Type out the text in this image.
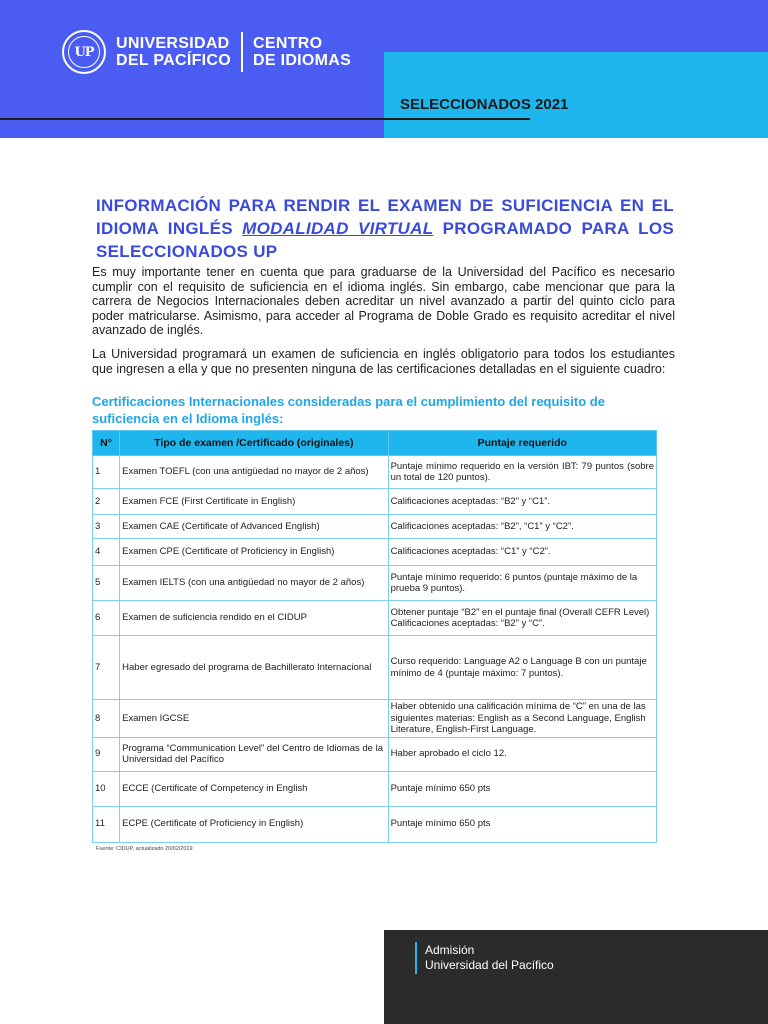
UP UNIVERSIDAD
DEL PACÍFICO
CENTRO
DE IDIOMAS
SELECCIONADOS 2021
INFORMACIÓN PARA RENDIR EL EXAMEN DE SUFICIENCIA EN EL IDIOMA INGLÉS MODALIDAD VIRTUAL PROGRAMADO PARA LOS SELECCIONADOS UP
Es muy importante tener en cuenta que para graduarse de la Universidad del Pacífico es necesario cumplir con el requisito de suficiencia en el idioma inglés. Sin embargo, cabe mencionar que para la carrera de Negocios Internacionales deben acreditar un nivel avanzado a partir del quinto ciclo para poder matricularse. Asimismo, para acceder al Programa de Doble Grado es requisito acreditar el nivel avanzado de inglés.
La Universidad programará un examen de suficiencia en inglés obligatorio para todos los estudiantes que ingresen a ella y que no presenten ninguna de las certificaciones detalladas en el siguiente cuadro:
Certificaciones Internacionales consideradas para el cumplimiento del requisito de suficiencia en el Idioma inglés:
N°	Tipo de examen /Certificado (originales)	Puntaje requerido
1	Examen TOEFL (con una antigüedad no mayor de 2 años)	Puntaje mínimo requerido en la versión IBT: 79 puntos (sobre un total de 120 puntos).
2	Examen FCE (First Certificate in English)	Calificaciones aceptadas: “B2” y “C1”.
3	Examen CAE (Certificate of Advanced English)	Calificaciones aceptadas: “B2”, “C1” y “C2”.
4	Examen CPE (Certificate of Proficiency in English)	Calificaciones aceptadas: “C1” y “C2”.
5	Examen IELTS (con una antigüedad no mayor de 2 años)	Puntaje mínimo requerido: 6 puntos (puntaje máximo de la prueba 9 puntos).
6	Examen de suficiencia rendido en el CIDUP	Obtener puntaje “B2” en el puntaje final (Overall CEFR Level) Calificaciones aceptadas: “B2” y “C”.
7	Haber egresado del programa de Bachillerato Internacional	Curso requerido: Language A2 o Language B con un puntaje mínimo de 4 (puntaje máximo: 7 puntos).
8	Examen IGCSE	Haber obtenido una calificación mínima de “C” en una de las siguientes materias: English as a Second Language, English Literature, English-First Language.
9	Programa “Communication Level” del Centro de Idiomas de la Universidad del Pacífico	Haber aprobado el ciclo 12.
10	ECCE (Certificate of Competency in English	Puntaje mínimo 650 pts
11	ECPE (Certificate of Proficiency in English)	Puntaje mínimo 650 pts
Fuente: CIDUP, actualizado 20/02/2019
Admisión
Universidad del Pacífico
